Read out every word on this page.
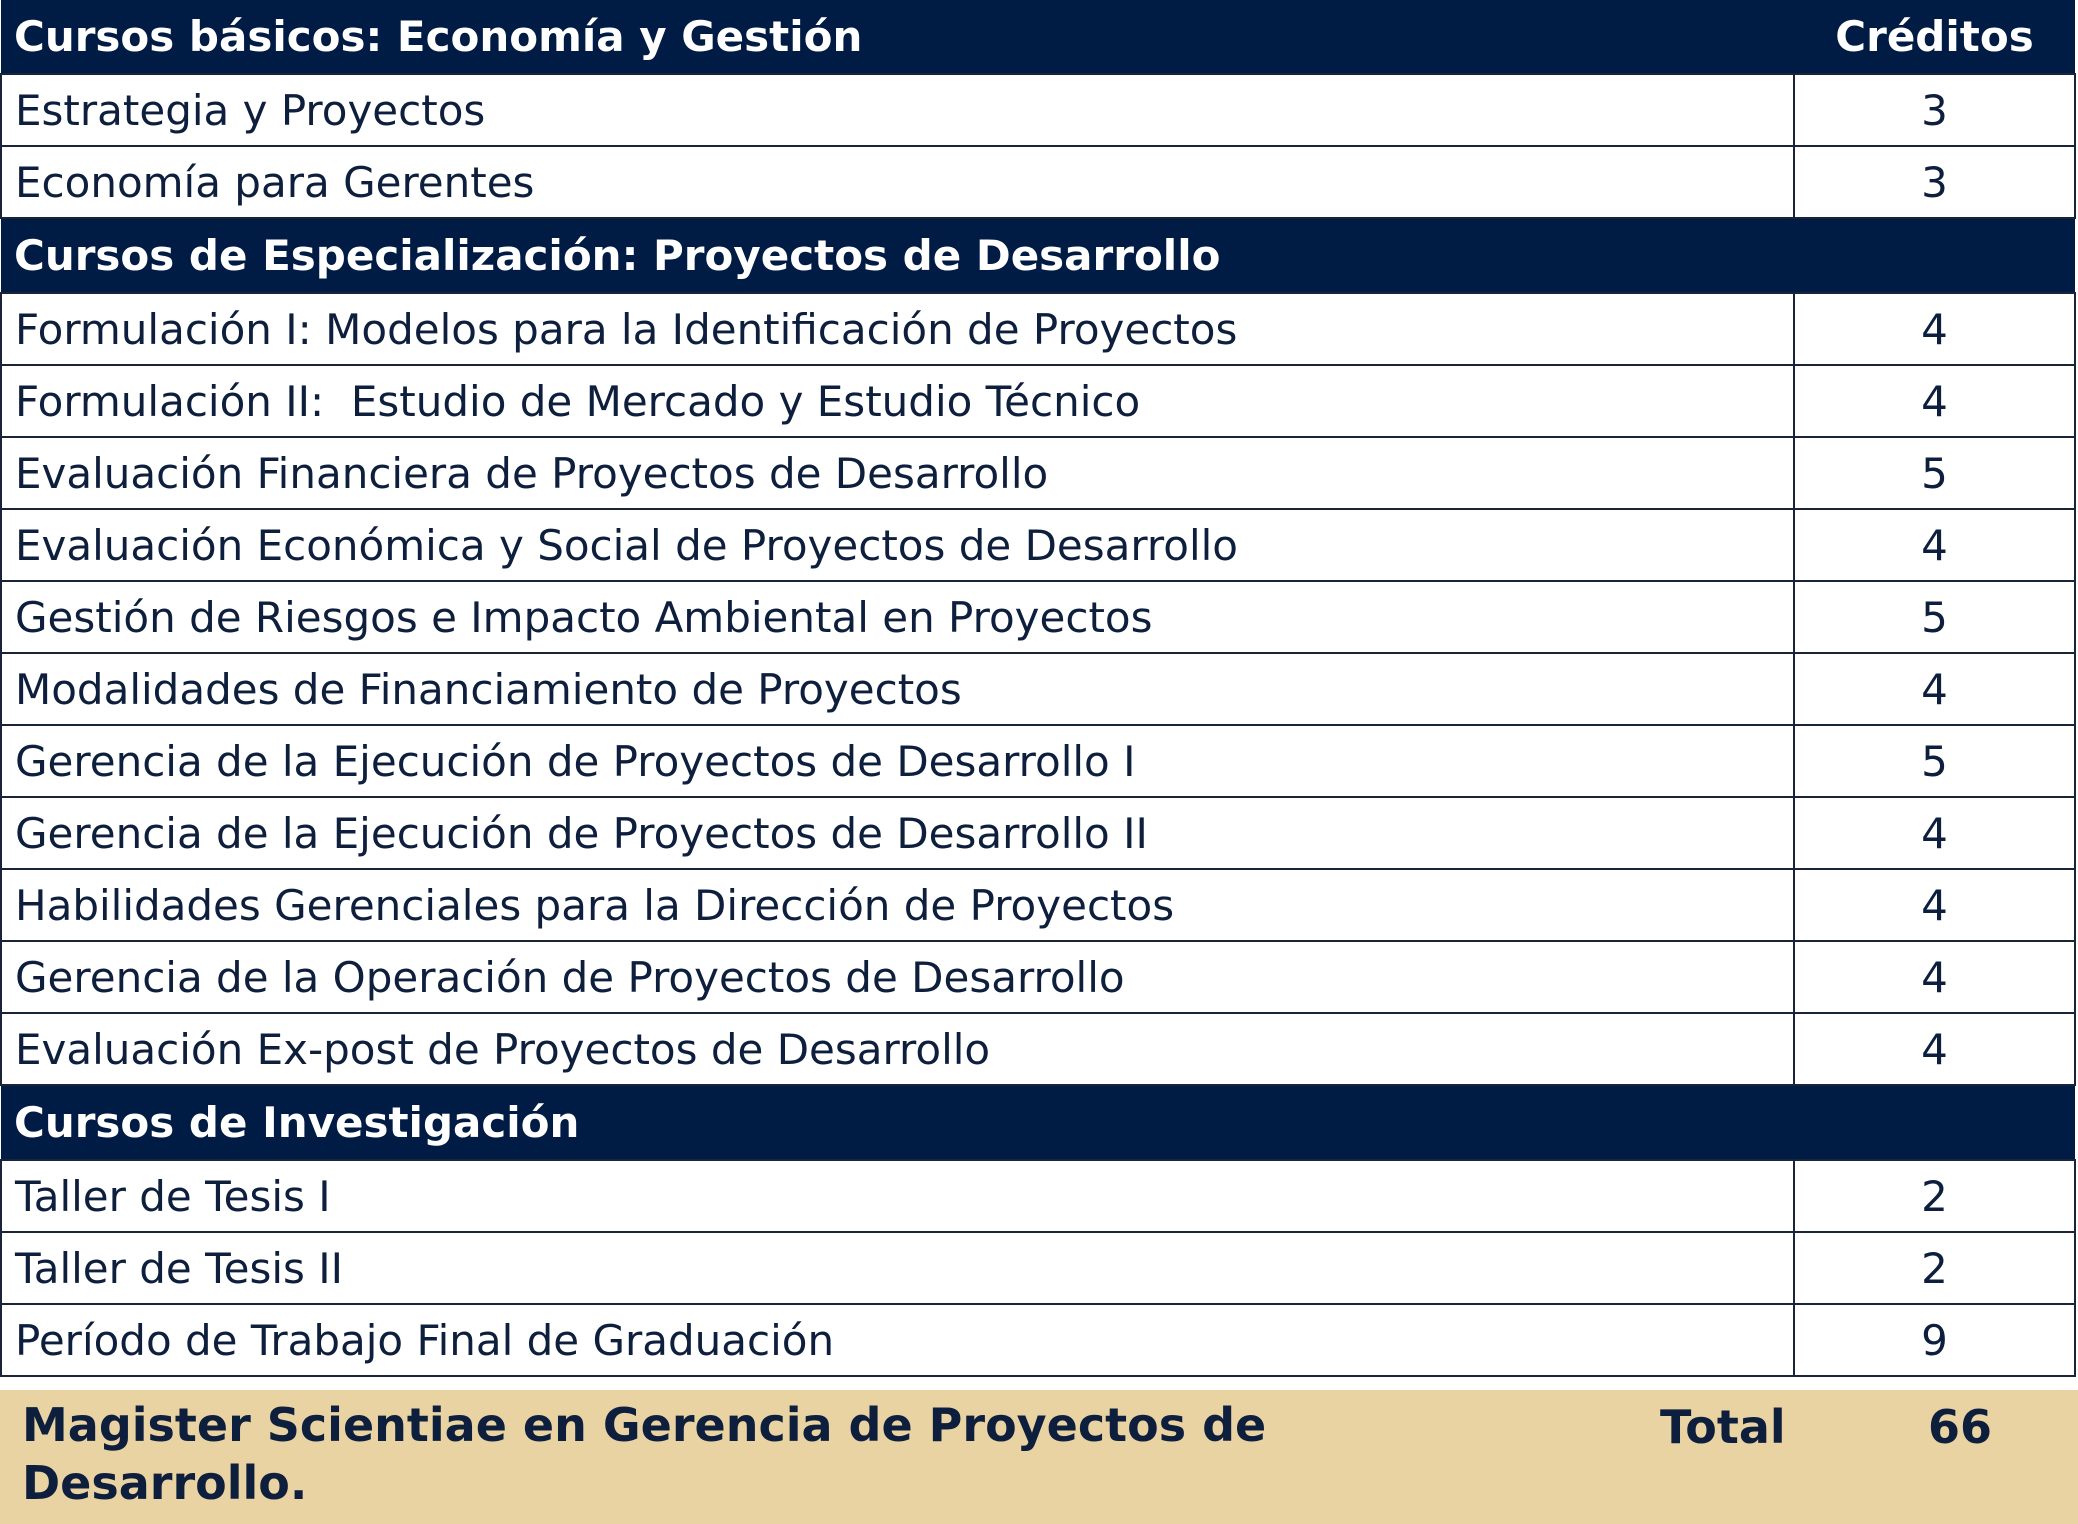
Cursos básicos: Economía y Gestión	Créditos
Estrategia y Proyectos	3
Economía para Gerentes	3
Cursos de Especialización: Proyectos de Desarrollo	
Formulación I: Modelos para la Identificación de Proyectos	4
Formulación II:  Estudio de Mercado y Estudio Técnico	4
Evaluación Financiera de Proyectos de Desarrollo	5
Evaluación Económica y Social de Proyectos de Desarrollo	4
Gestión de Riesgos e Impacto Ambiental en Proyectos	5
Modalidades de Financiamiento de Proyectos	4
Gerencia de la Ejecución de Proyectos de Desarrollo I	5
Gerencia de la Ejecución de Proyectos de Desarrollo II	4
Habilidades Gerenciales para la Dirección de Proyectos	4
Gerencia de la Operación de Proyectos de Desarrollo	4
Evaluación Ex-post de Proyectos de Desarrollo	4
Cursos de Investigación	
Taller de Tesis I	2
Taller de Tesis II	2
Período de Trabajo Final de Graduación	9
Magister Scientiae en Gerencia de Proyectos de Desarrollo.
Total	66
